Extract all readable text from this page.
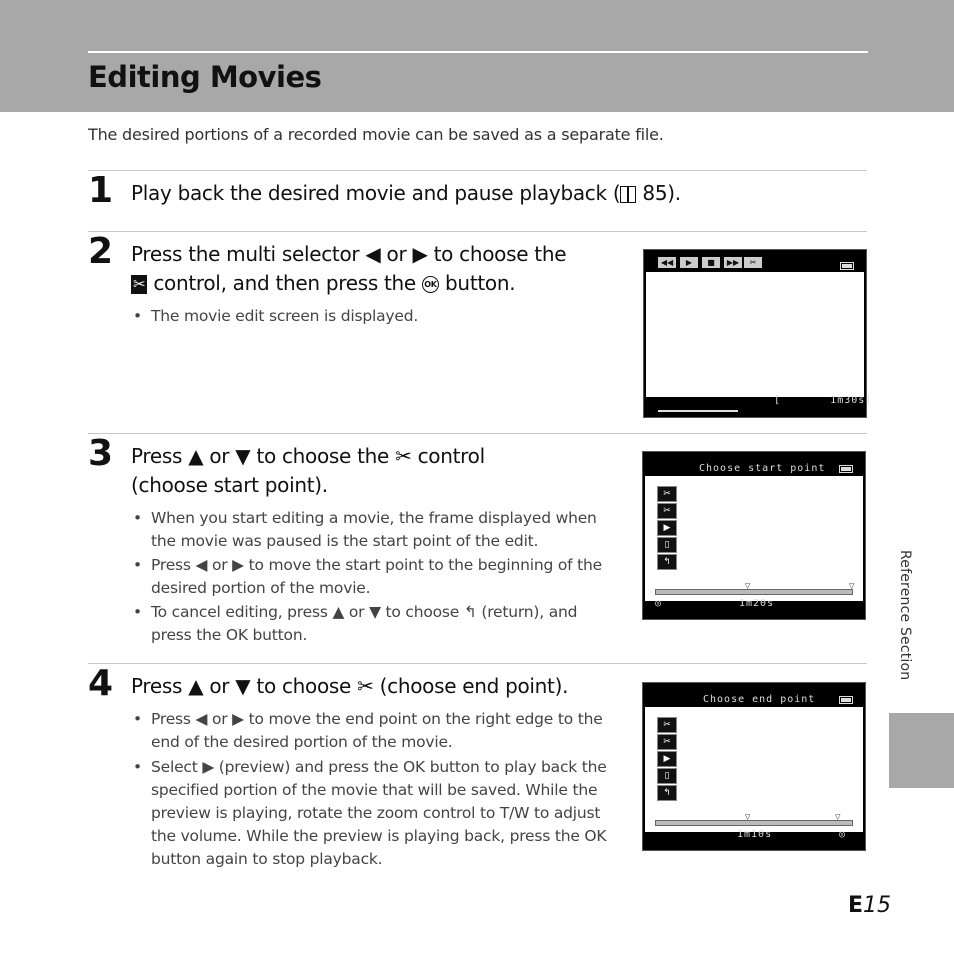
Editing Movies
The desired portions of a recorded movie can be saved as a separate file.
1 Play back the desired movie and pause playback (
85).
2 Press the multi selector ◀ or ▶ to choose the
✂ control, and then press the OK button.
• The movie edit screen is displayed.
◀◀	▶	■	▶▶	✂
[       1m30s]
3 Press ▲ or ▼ to choose the ✂ control
(choose start point).
• When you start editing a movie, the frame displayed when the movie was paused is the start point of the edit.
• Press ◀ or ▶ to move the start point to the beginning of the desired portion of the movie.
• To cancel editing, press ▲ or ▼ to choose ↰ (return), and press the OK button.
Choose start point
✂
✂
▶
▯
↰
▽	▽
◎	1m20s
4 Press ▲ or ▼ to choose ✂ (choose end point).
• Press ◀ or ▶ to move the end point on the right edge to the end of the desired portion of the movie.
• Select ▶ (preview) and press the OK button to play back the specified portion of the movie that will be saved. While the preview is playing, rotate the zoom control to T/W to adjust the volume. While the preview is playing back, press the OK button again to stop playback.
Choose end point
✂
✂
▶
▯
↰
▽	▽
1m10s	◎
Reference Section
E15
